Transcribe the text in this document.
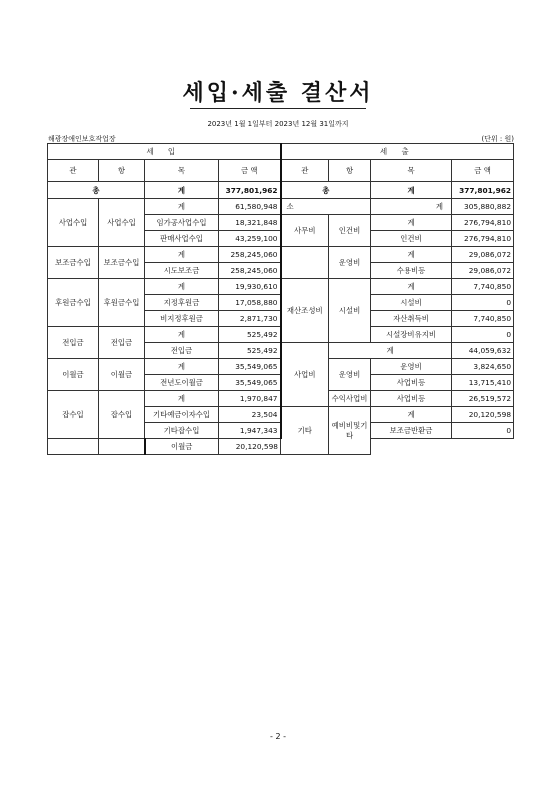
세입·세출 결산서
2023년 1월 1일부터 2023년 12월 31일까지
해광장애인보호작업장	(단위 : 원)
세 입				세 출			
관	항	목	금 액	관	항	목	금 액
총		계	377,801,962	총		계	377,801,962
사업수입	사업수입	계	61,580,948	소		계	305,880,882
		임가공사업수입	18,321,848	사무비	인건비	계	276,794,810
		판매사업수입	43,259,100			인건비	276,794,810
보조금수입	보조금수입	계	258,245,060		운영비	계	29,086,072
		시도보조금	258,245,060			수용비등	29,086,072
후원금수입	후원금수입	계	19,930,610	재산조성비	시설비	계	7,740,850
		지정후원금	17,058,880			시설비	0
		비지정후원금	2,871,730			자산취득비	7,740,850
전입금	전입금	계	525,492			시설장비유지비	0
		전입금	525,492	사업비	계		44,059,632
이월금	이월금	계	35,549,065		운영비	운영비	3,824,650
		전년도이월금	35,549,065			사업비등	13,715,410
잡수입	잡수입	계	1,970,847		수익사업비	사업비등	26,519,572
		기타예금이자수입	23,504	기타	예비비및기타	계	20,120,598
		기타잡수입	1,947,343			보조금반환금	0
		이월금	20,120,598				
- 2 -
